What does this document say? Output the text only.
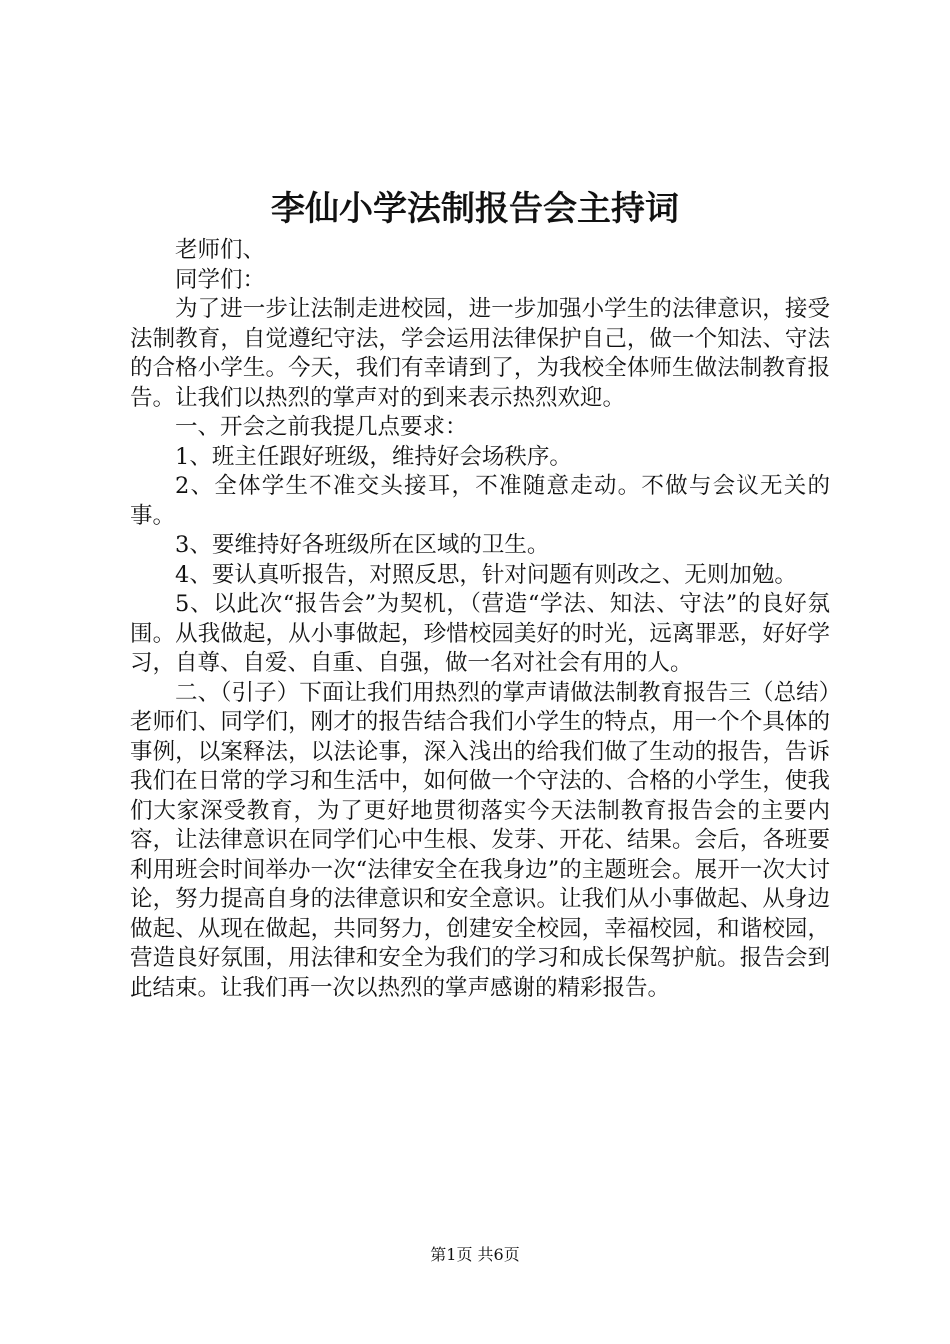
李仙小学法制报告会主持词

老师们、

同学们：

为了进一步让法制走进校园，进一步加强小学生的法律意识，接受法制教育，自觉遵纪守法，学会运用法律保护自己，做一个知法、守法的合格小学生。今天，我们有幸请到了，为我校全体师生做法制教育报告。让我们以热烈的掌声对的到来表示热烈欢迎。

一、开会之前我提几点要求：

1、班主任跟好班级，维持好会场秩序。

2、全体学生不准交头接耳，不准随意走动。不做与会议无关的事。

3、要维持好各班级所在区域的卫生。

4、要认真听报告，对照反思，针对问题有则改之、无则加勉。

5、以此次“报告会”为契机，（营造“学法、知法、守法”的良好氛围。从我做起，从小事做起，珍惜校园美好的时光，远离罪恶，好好学习，自尊、自爱、自重、自强，做一名对社会有用的人。

二、（引子）下面让我们用热烈的掌声请做法制教育报告三（总结）老师们、同学们，刚才的报告结合我们小学生的特点，用一个个具体的事例，以案释法，以法论事，深入浅出的给我们做了生动的报告，告诉我们在日常的学习和生活中，如何做一个守法的、合格的小学生，使我们大家深受教育，为了更好地贯彻落实今天法制教育报告会的主要内容，让法律意识在同学们心中生根、发芽、开花、结果。会后，各班要利用班会时间举办一次“法律安全在我身边”的主题班会。展开一次大讨论，努力提高自身的法律意识和安全意识。让我们从小事做起、从身边做起、从现在做起，共同努力，创建安全校园，幸福校园，和谐校园，营造良好氛围，用法律和安全为我们的学习和成长保驾护航。报告会到此结束。让我们再一次以热烈的掌声感谢的精彩报告。

第1页 共6页
